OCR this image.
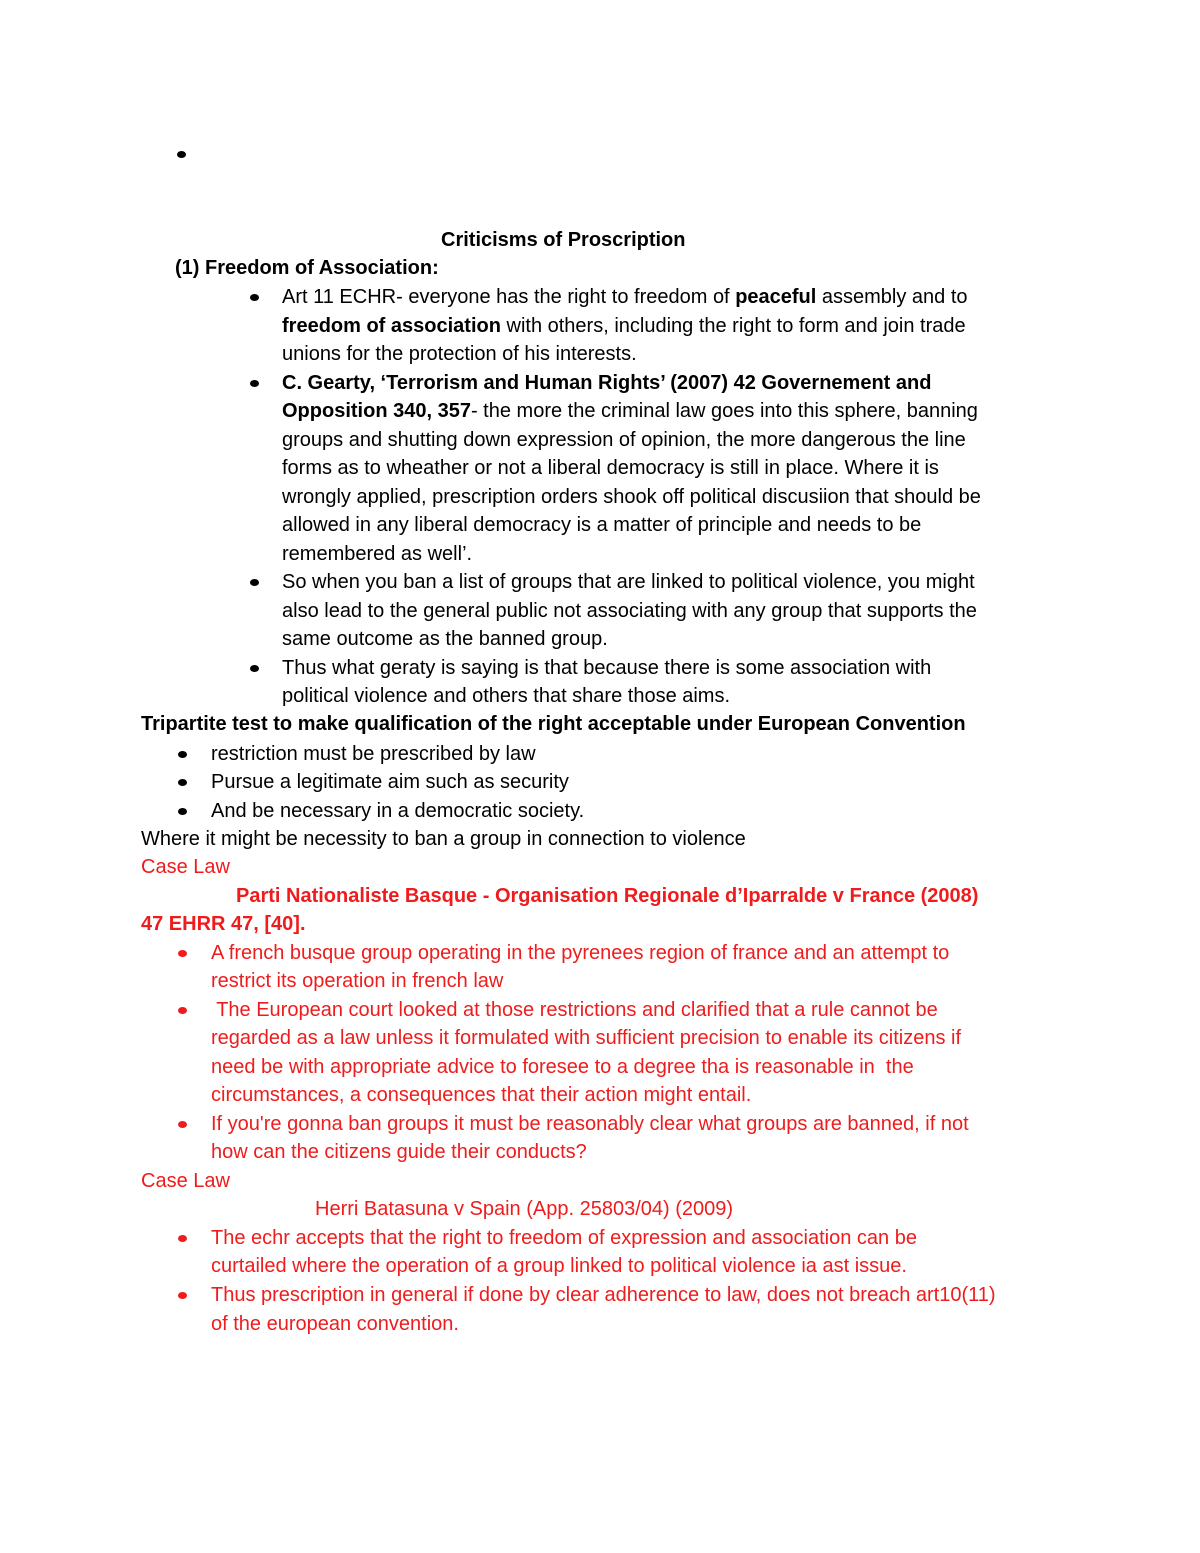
Criticisms of Proscription
(1) Freedom of Association:
Art 11 ECHR- everyone has the right to freedom of peaceful assembly and to
freedom of association with others, including the right to form and join trade
unions for the protection of his interests.
C. Gearty, ‘Terrorism and Human Rights’ (2007) 42 Governement and
Opposition 340, 357- the more the criminal law goes into this sphere, banning
groups and shutting down expression of opinion, the more dangerous the line
forms as to wheather or not a liberal democracy is still in place. Where it is
wrongly applied, prescription orders shook off political discusiion that should be
allowed in any liberal democracy is a matter of principle and needs to be
remembered as well’.
So when you ban a list of groups that are linked to political violence, you might
also lead to the general public not associating with any group that supports the
same outcome as the banned group.
Thus what geraty is saying is that because there is some association with
political violence and others that share those aims.
Tripartite test to make qualification of the right acceptable under European Convention
restriction must be prescribed by law
Pursue a legitimate aim such as security
And be necessary in a democratic society.
Where it might be necessity to ban a group in connection to violence
Case Law
Parti Nationaliste Basque - Organisation Regionale d’Iparralde v France (2008)
47 EHRR 47, [40].
A french busque group operating in the pyrenees region of france and an attempt to
restrict its operation in french law
The European court looked at those restrictions and clarified that a rule cannot be
regarded as a law unless it formulated with sufficient precision to enable its citizens if
need be with appropriate advice to foresee to a degree tha is reasonable in  the
circumstances, a consequences that their action might entail.
If you're gonna ban groups it must be reasonably clear what groups are banned, if not
how can the citizens guide their conducts?
Case Law
Herri Batasuna v Spain (App. 25803/04) (2009)
The echr accepts that the right to freedom of expression and association can be
curtailed where the operation of a group linked to political violence ia ast issue.
Thus prescription in general if done by clear adherence to law, does not breach art10(11)
of the european convention.
